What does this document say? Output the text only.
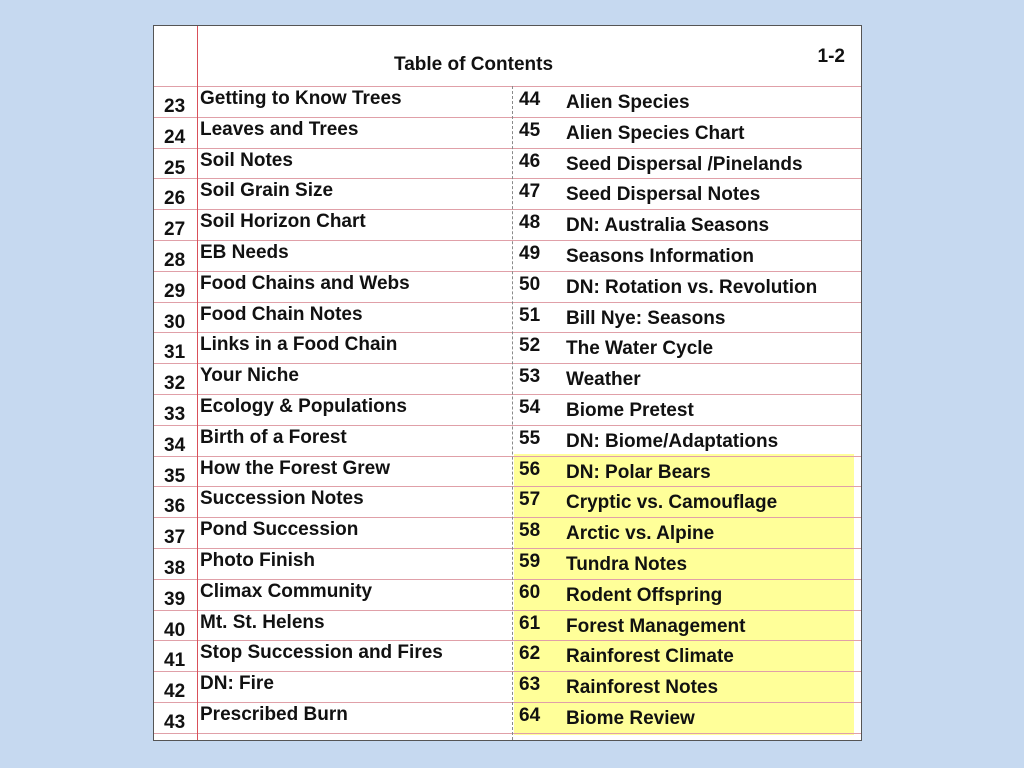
Table of Contents	1-2
23 Getting to Know Trees
24 Leaves and Trees
25 Soil Notes
26 Soil Grain Size
27 Soil Horizon Chart
28 EB Needs
29 Food Chains and Webs
30 Food Chain Notes
31 Links in a Food Chain
32 Your Niche
33 Ecology & Populations
34 Birth of a Forest
35 How the Forest Grew
36 Succession Notes
37 Pond Succession
38 Photo Finish
39 Climax Community
40 Mt. St. Helens
41 Stop Succession and Fires
42 DN: Fire
43 Prescribed Burn
44 Alien Species
45 Alien Species Chart
46 Seed Dispersal /Pinelands
47 Seed Dispersal Notes
48 DN: Australia Seasons
49 Seasons Information
50 DN: Rotation vs. Revolution
51 Bill Nye: Seasons
52 The Water Cycle
53 Weather
54 Biome Pretest
55 DN: Biome/Adaptations
56 DN: Polar Bears
57 Cryptic vs. Camouflage
58 Arctic vs. Alpine
59 Tundra Notes
60 Rodent Offspring
61 Forest Management
62 Rainforest Climate
63 Rainforest Notes
64 Biome Review
